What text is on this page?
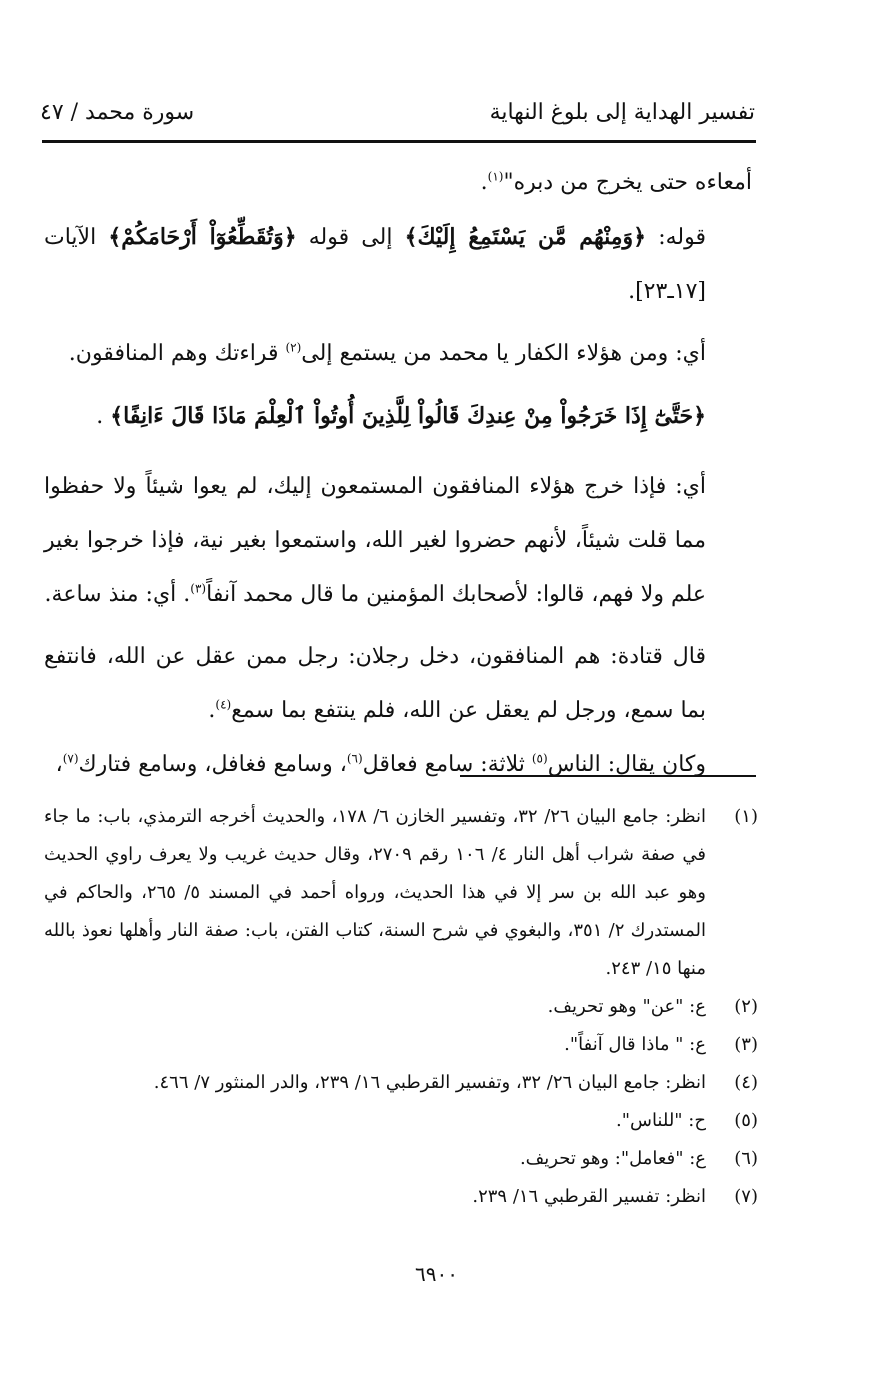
تفسير الهداية إلى بلوغ النهاية
سورة محمد / ٤٧

أمعاءه حتى يخرج من دبره"$^{(١)}$.

قوله: ﴿وَمِنْهُم مَّن يَسْتَمِعُ إِلَيْكَ﴾ إلى قوله ﴿وَتُقَطِّعُوٓاْ أَرْحَامَكُمْ﴾ الآيات [١٧ـ٢٣].

أي: ومن هؤلاء الكفار يا محمد من يستمع إلى$^{(٢)}$ قراءتك وهم المنافقون.

﴿حَتَّىٰٓ إِذَا خَرَجُواْ مِنْ عِندِكَ قَالُواْ لِلَّذِينَ أُوتُواْ ٱلْعِلْمَ مَاذَا قَالَ ءَانِفًا﴾ .

أي: فإذا خرج هؤلاء المنافقون المستمعون إليك، لم يعوا شيئاً ولا حفظوا مما قلت شيئاً، لأنهم حضروا لغير الله، واستمعوا بغير نية، فإذا خرجوا بغير علم ولا فهم، قالوا: لأصحابك المؤمنين ما قال محمد آنفاً$^{(٣)}$. أي: منذ ساعة.

قال قتادة: هم المنافقون، دخل رجلان: رجل ممن عقل عن الله، فانتفع بما سمع، ورجل لم يعقل عن الله، فلم ينتفع بما سمع$^{(٤)}$.

وكان يقال: الناس$^{(٥)}$ ثلاثة: سامع فعاقل$^{(٦)}$، وسامع فغافل، وسامع فتارك$^{(٧)}$،

(١)
انظر: جامع البيان ٢٦/ ٣٢، وتفسير الخازن ٦/ ١٧٨، والحديث أخرجه الترمذي، باب: ما جاء في صفة شراب أهل النار ٤/ ١٠٦ رقم ٢٧٠٩، وقال حديث غريب ولا يعرف راوي الحديث وهو عبد الله بن سر إلا في هذا الحديث، ورواه أحمد في المسند ٥/ ٢٦٥، والحاكم في المستدرك ٢/ ٣٥١، والبغوي في شرح السنة، كتاب الفتن، باب: صفة النار وأهلها نعوذ بالله منها ١٥/ ٢٤٣.
(٢)
ع: "عن" وهو تحريف.
(٣)
ع: " ماذا قال آنفاً".
(٤)
انظر: جامع البيان ٢٦/ ٣٢، وتفسير القرطبي ١٦/ ٢٣٩، والدر المنثور ٧/ ٤٦٦.
(٥)
ح: "للناس".
(٦)
ع: "فعامل": وهو تحريف.
(٧)
انظر: تفسير القرطبي ١٦/ ٢٣٩.
٦٩٠٠
